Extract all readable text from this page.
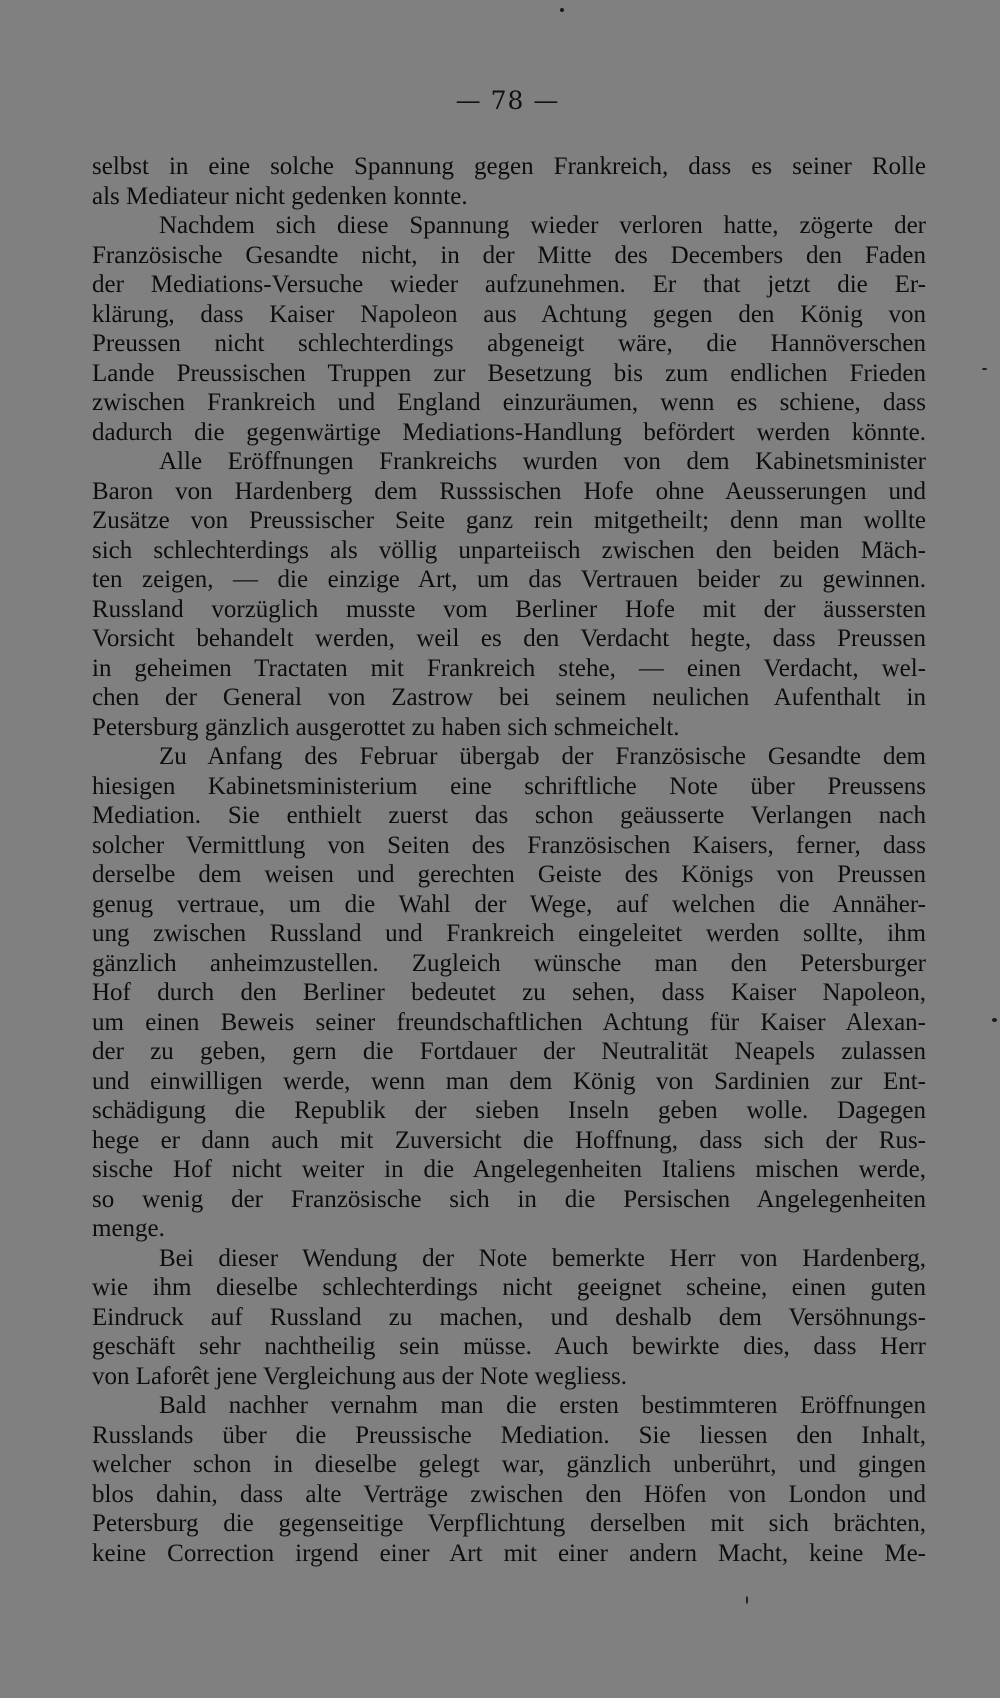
— 78 —
selbst in eine solche Spannung gegen Frankreich, dass es seiner Rolle
als Mediateur nicht gedenken konnte.
Nachdem sich diese Spannung wieder verloren hatte, zögerte der
Französische Gesandte nicht, in der Mitte des Decembers den Faden
der Mediations-Versuche wieder aufzunehmen. Er that jetzt die Er-
klärung, dass Kaiser Napoleon aus Achtung gegen den König von
Preussen nicht schlechterdings abgeneigt wäre, die Hannöverschen
Lande Preussischen Truppen zur Besetzung bis zum endlichen Frieden
zwischen Frankreich und England einzuräumen, wenn es schiene, dass
dadurch die gegenwärtige Mediations-Handlung befördert werden könnte.
Alle Eröffnungen Frankreichs wurden von dem Kabinetsminister
Baron von Hardenberg dem Russsischen Hofe ohne Aeusserungen und
Zusätze von Preussischer Seite ganz rein mitgetheilt; denn man wollte
sich schlechterdings als völlig unparteiisch zwischen den beiden Mäch-
ten zeigen, — die einzige Art, um das Vertrauen beider zu gewinnen.
Russland vorzüglich musste vom Berliner Hofe mit der äussersten
Vorsicht behandelt werden, weil es den Verdacht hegte, dass Preussen
in geheimen Tractaten mit Frankreich stehe, — einen Verdacht, wel-
chen der General von Zastrow bei seinem neulichen Aufenthalt in
Petersburg gänzlich ausgerottet zu haben sich schmeichelt.
Zu Anfang des Februar übergab der Französische Gesandte dem
hiesigen Kabinetsministerium eine schriftliche Note über Preussens
Mediation. Sie enthielt zuerst das schon geäusserte Verlangen nach
solcher Vermittlung von Seiten des Französischen Kaisers, ferner, dass
derselbe dem weisen und gerechten Geiste des Königs von Preussen
genug vertraue, um die Wahl der Wege, auf welchen die Annäher-
ung zwischen Russland und Frankreich eingeleitet werden sollte, ihm
gänzlich anheimzustellen. Zugleich wünsche man den Petersburger
Hof durch den Berliner bedeutet zu sehen, dass Kaiser Napoleon,
um einen Beweis seiner freundschaftlichen Achtung für Kaiser Alexan-
der zu geben, gern die Fortdauer der Neutralität Neapels zulassen
und einwilligen werde, wenn man dem König von Sardinien zur Ent-
schädigung die Republik der sieben Inseln geben wolle. Dagegen
hege er dann auch mit Zuversicht die Hoffnung, dass sich der Rus-
sische Hof nicht weiter in die Angelegenheiten Italiens mischen werde,
so wenig der Französische sich in die Persischen Angelegenheiten
menge.
Bei dieser Wendung der Note bemerkte Herr von Hardenberg,
wie ihm dieselbe schlechterdings nicht geeignet scheine, einen guten
Eindruck auf Russland zu machen, und deshalb dem Versöhnungs-
geschäft sehr nachtheilig sein müsse. Auch bewirkte dies, dass Herr
von Laforêt jene Vergleichung aus der Note wegliess.
Bald nachher vernahm man die ersten bestimmteren Eröffnungen
Russlands über die Preussische Mediation. Sie liessen den Inhalt,
welcher schon in dieselbe gelegt war, gänzlich unberührt, und gingen
blos dahin, dass alte Verträge zwischen den Höfen von London und
Petersburg die gegenseitige Verpflichtung derselben mit sich brächten,
keine Correction irgend einer Art mit einer andern Macht, keine Me-
